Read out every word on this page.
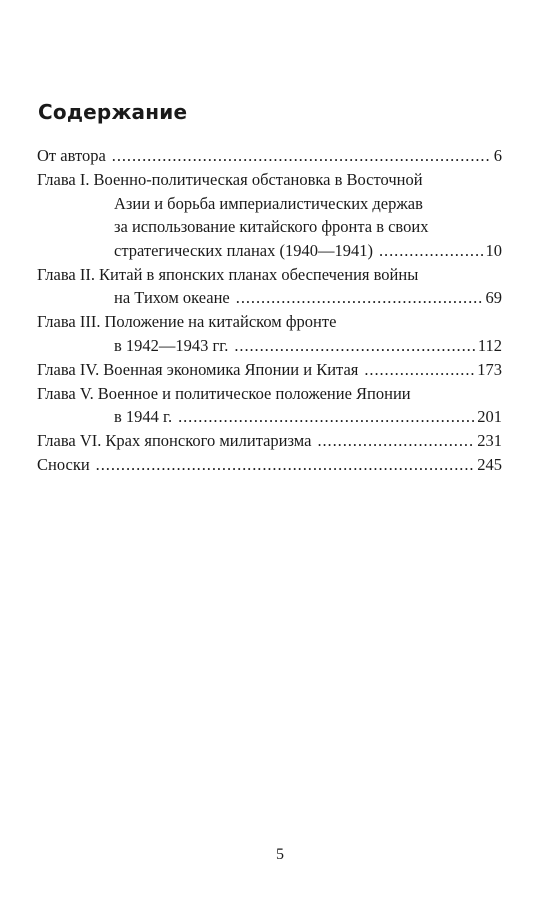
Содержание
От автора . . .	6
Глава I. Военно-политическая обстановка в Восточной
Азии и борьба империалистических держав
за использование китайского фронта в своих
стратегических планах (1940—1941) . . .	10
Глава II. Китай в японских планах обеспечения войны
на Тихом океане . . .	69
Глава III. Положение на китайском фронте
в 1942—1943 гг. . . .	112
Глава IV. Военная экономика Японии и Китая . . .	173
Глава V. Военное и политическое положение Японии
в 1944 г. . . .	201
Глава VI. Крах японского милитаризма . . .	231
Сноски . . .	245
5
